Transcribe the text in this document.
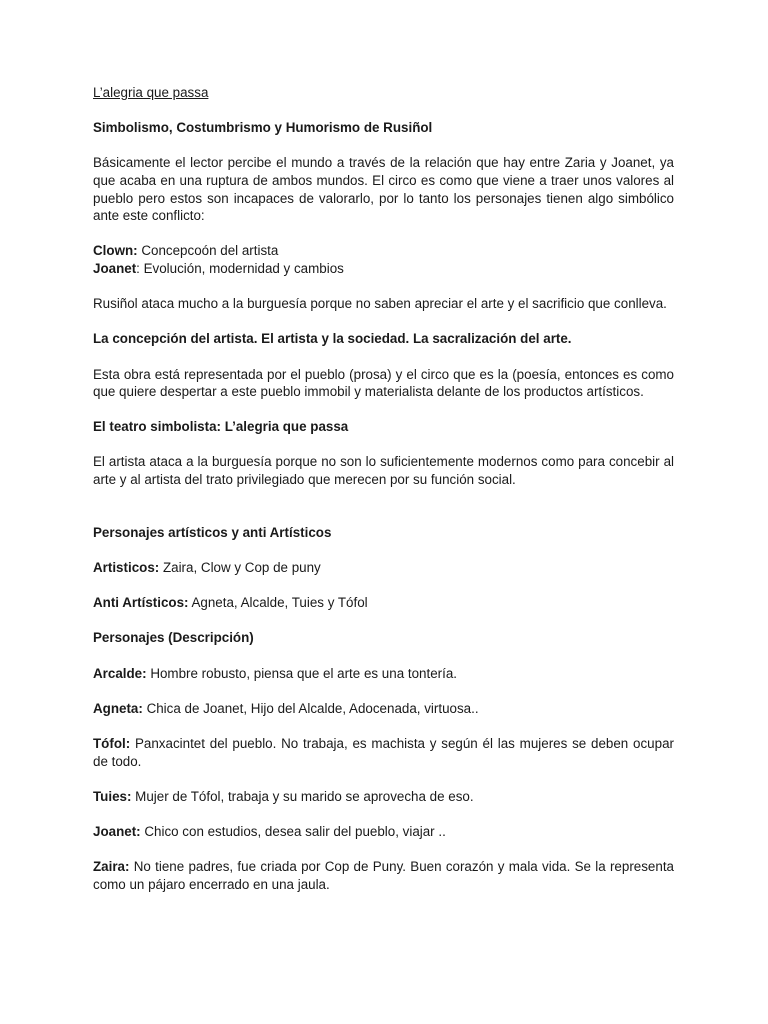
L’alegria que passa

Simbolismo, Costumbrismo y Humorismo de Rusiñol

Básicamente el lector percibe el mundo a través de la relación que hay entre Zaria y Joanet, ya que acaba en una ruptura de ambos mundos. El circo es como que viene a traer unos valores al pueblo pero estos son incapaces de valorarlo, por lo tanto los personajes tienen algo simbólico ante este conflicto:

Clown: Concepcoón del artista

Joanet: Evolución, modernidad y cambios

Rusiñol ataca mucho a la burguesía porque no saben apreciar el arte y el sacrificio que conlleva.

La concepción del artista. El artista y la sociedad. La sacralización del arte.

Esta obra está representada por el pueblo (prosa) y el circo que es la (poesía, entonces es como que quiere despertar a este pueblo immobil y materialista delante de los productos artísticos.

El teatro simbolista: L’alegria que passa

El artista ataca a la burguesía porque no son lo suficientemente modernos como para concebir al arte y al artista del trato privilegiado que merecen por su función social.

Personajes artísticos y anti Artísticos

Artisticos: Zaira, Clow y Cop de puny

Anti Artísticos: Agneta, Alcalde, Tuies y Tófol

Personajes (Descripción)

Arcalde: Hombre robusto, piensa que el arte es una tontería.

Agneta: Chica de Joanet, Hijo del Alcalde, Adocenada, virtuosa..

Tófol: Panxacintet del pueblo. No trabaja, es machista y según él las mujeres se deben ocupar de todo.

Tuies: Mujer de Tófol, trabaja y su marido se aprovecha de eso.

Joanet: Chico con estudios, desea salir del pueblo, viajar ..

Zaira: No tiene padres, fue criada por Cop de Puny. Buen corazón y mala vida. Se la representa como un pájaro encerrado en una jaula.
